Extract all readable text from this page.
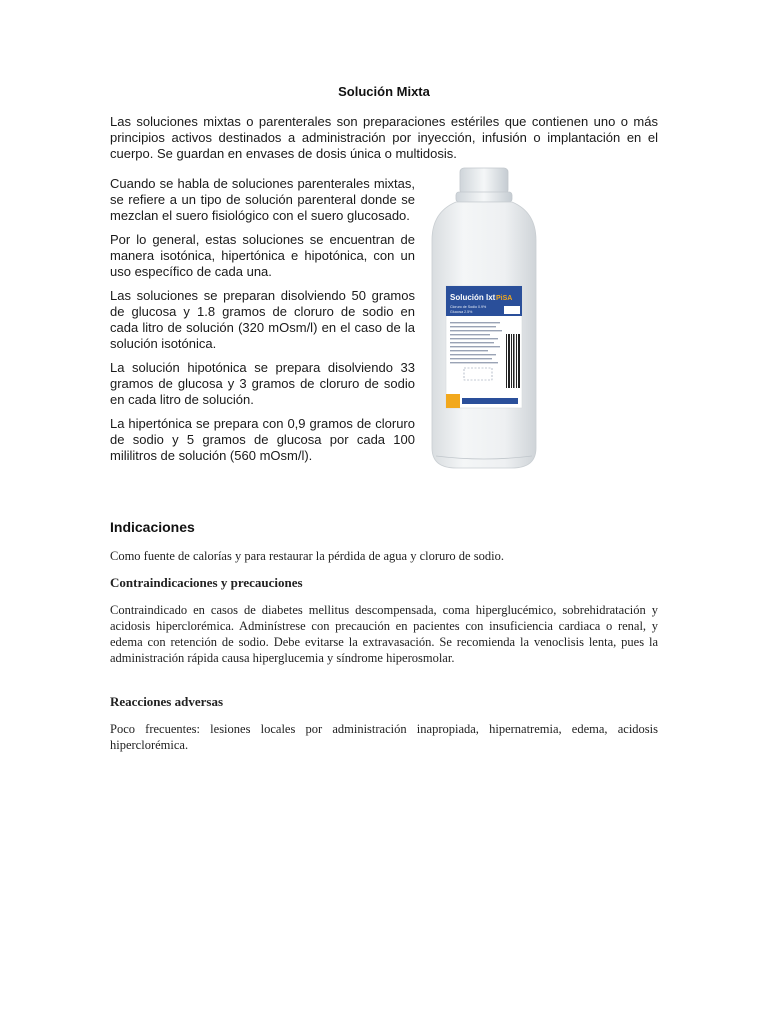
Solución Mixta

Las soluciones mixtas o parenterales son preparaciones estériles que contienen uno o más principios activos destinados a administración por inyección, infusión o implantación en el cuerpo. Se guardan en envases de dosis única o multidosis.

Cuando se habla de soluciones parenterales mixtas, se refiere a un tipo de solución parenteral donde se mezclan el suero fisiológico con el suero glucosado.

Por lo general, estas soluciones se encuentran de manera isotónica, hipertónica e hipotónica, con un uso específico de cada una.

Las soluciones se preparan disolviendo 50 gramos de glucosa y 1.8 gramos de cloruro de sodio en cada litro de solución (320 mOsm/l) en el caso de la solución isotónica.

La solución hipotónica se prepara disolviendo 33 gramos de glucosa y 3 gramos de cloruro de sodio en cada litro de solución.

La hipertónica se prepara con 0,9 gramos de cloruro de sodio y 5 gramos de glucosa por cada 100 mililitros de solución (560 mOsm/l).

Solución Ixt PiSA
Cloruro de Sodio 0.9%
Glucosa 2.5%
Indicaciones

Como fuente de calorías y para restaurar la pérdida de agua y cloruro de sodio.

Contraindicaciones y precauciones

Contraindicado en casos de diabetes mellitus descompensada, coma hiperglucémico, sobrehidratación y acidosis hiperclorémica. Adminístrese con precaución en pacientes con insuficiencia cardiaca o renal, y edema con retención de sodio. Debe evitarse la extravasación. Se recomienda la venoclisis lenta, pues la administración rápida causa hiperglucemia y síndrome hiperosmolar.

Reacciones adversas

Poco frecuentes: lesiones locales por administración inapropiada, hipernatremia, edema, acidosis hiperclorémica.
